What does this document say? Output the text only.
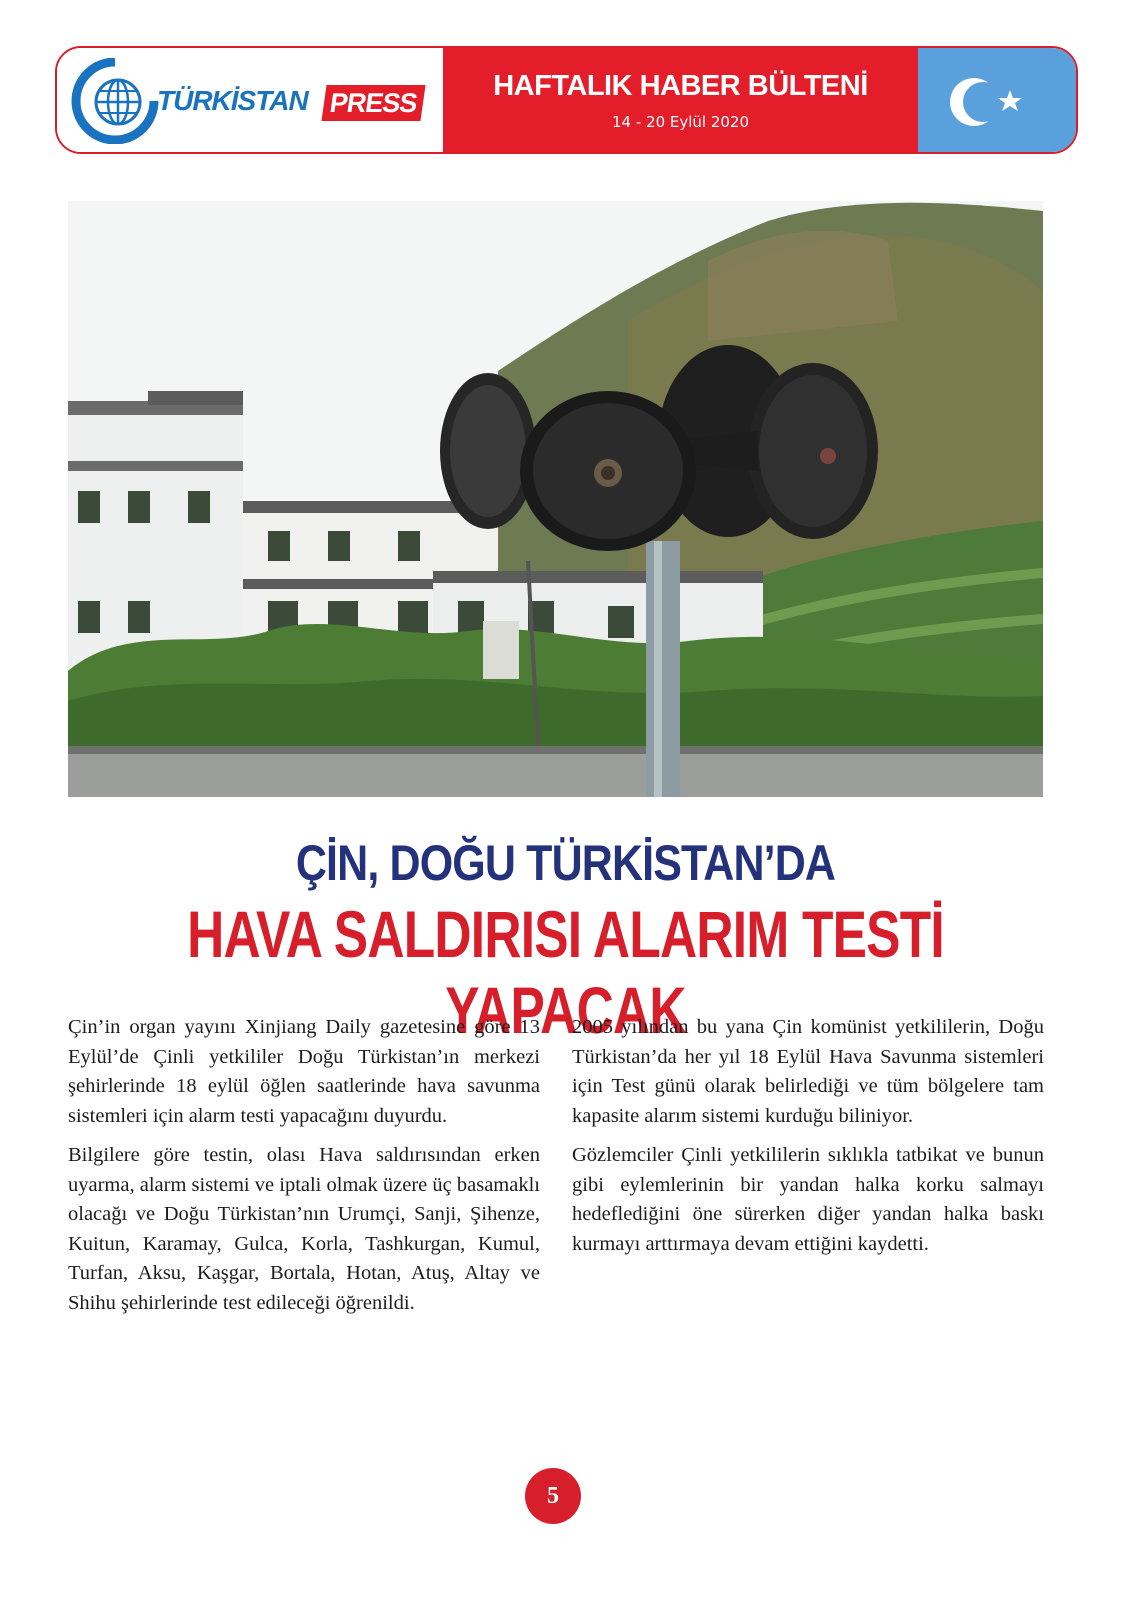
TÜRKİSTAN PRESS
HAFTALIK HABER BÜLTENİ
14 - 20 Eylül 2020
ÇİN, DOĞU TÜRKİSTAN’DA
HAVA SALDIRISI ALARIM TESTİ YAPACAK

Çin’in organ yayını Xinjiang Daily gazetesine göre 13 Eylül’de Çinli yetkililer Doğu Türkistan’ın merkezi şehirlerinde 18 eylül öğlen saatlerinde hava savunma sistemleri için alarm testi yapacağını duyurdu.

Bilgilere göre testin, olası Hava saldırısından erken uyarma, alarm sistemi ve iptali olmak üzere üç basamaklı olacağı ve Doğu Türkistan’nın Urumçi, Sanji, Şihenze, Kuitun, Karamay, Gulca, Korla, Tashkurgan, Kumul, Turfan, Aksu, Kaşgar, Bortala, Hotan, Atuş, Altay ve Shihu şehirlerinde test edileceği öğrenildi.

2005 yılından bu yana Çin komünist yetkililerin, Doğu Türkistan’da her yıl 18 Eylül Hava Savunma sistemleri için Test günü olarak belirlediği ve tüm bölgelere tam kapasite alarım sistemi kurduğu biliniyor.

Gözlemciler Çinli yetkililerin sıklıkla tatbikat ve bunun gibi eylemlerinin bir yandan halka korku salmayı hedeflediğini öne sürerken diğer yandan halka baskı kurmayı arttırmaya devam ettiğini kaydetti.

5
